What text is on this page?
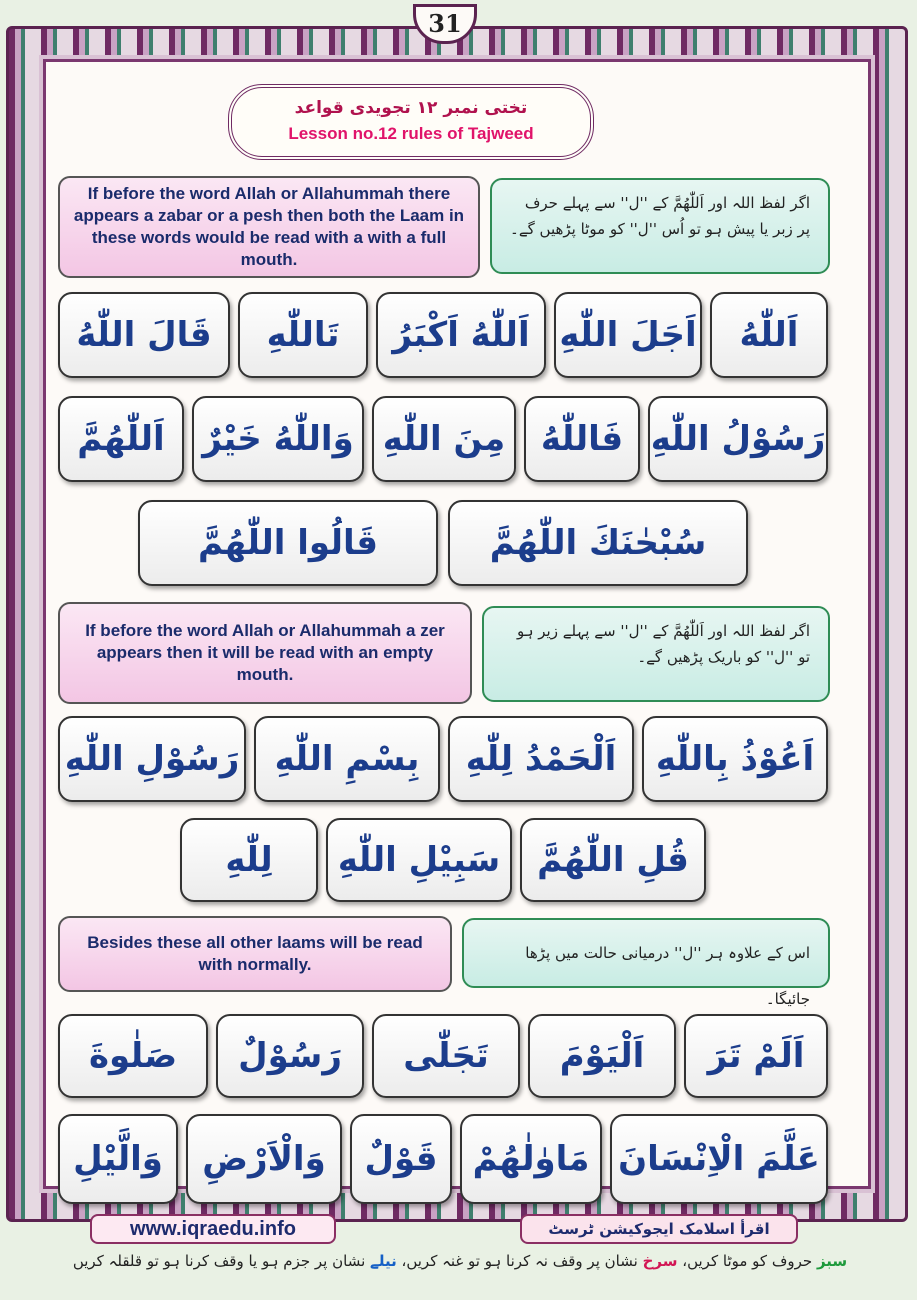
31
تختی نمبر ۱۲ تجویدی قواعد
Lesson no.12 rules of Tajweed
If before the word Allah or Allahummah there appears a zabar or a pesh then both the Laam in these words would be read with a with a full mouth.
اگر لفظ اللہ اور اَللّٰھُمَّ کے ''ل'' سے پہلے حرف پر زبر یا پیش ہو تو اُس ''ل'' کو موٹا پڑھیں گے۔
اَللّٰهُ
اَجَلَ اللّٰهِ
اَللّٰهُ اَكْبَرُ
تَاللّٰهِ
قَالَ اللّٰهُ
رَسُوْلُ اللّٰهِ
فَاللّٰهُ
مِنَ اللّٰهِ
وَاللّٰهُ خَيْرٌ
اَللّٰهُمَّ
سُبْحٰنَكَ اللّٰهُمَّ
قَالُوا اللّٰهُمَّ
If before the word Allah or Allahummah a zer appears then it will be read with an empty mouth.
اگر لفظ اللہ اور اَللّٰھُمَّ کے ''ل'' سے پہلے زیر ہو تو ''ل'' کو باریک پڑھیں گے۔
اَعُوْذُ بِاللّٰهِ
اَلْحَمْدُ لِلّٰهِ
بِسْمِ اللّٰهِ
رَسُوْلِ اللّٰهِ
قُلِ اللّٰهُمَّ
سَبِيْلِ اللّٰهِ
لِلّٰهِ
Besides these all other laams will be read with normally.
اس کے علاوہ ہر ''ل'' درمیانی حالت میں پڑھا جائیگا۔
اَلَمْ تَرَ
اَلْيَوْمَ
تَجَلّٰى
رَسُوْلٌ
صَلٰوةَ
عَلَّمَ الْاِنْسَانَ
مَاوٰلٰهُمْ
قَوْلٌ
وَالْاَرْضِ
وَالَّيْلِ
www.iqraedu.info	اقرأ اسلامک ایجوکیشن ٹرسٹ
سبز حروف کو موٹا کریں، سرخ نشان پر وقف نہ کرنا ہو تو غنہ کریں، نیلے نشان پر جزم ہو یا وقف کرنا ہو تو قلقلہ کریں
